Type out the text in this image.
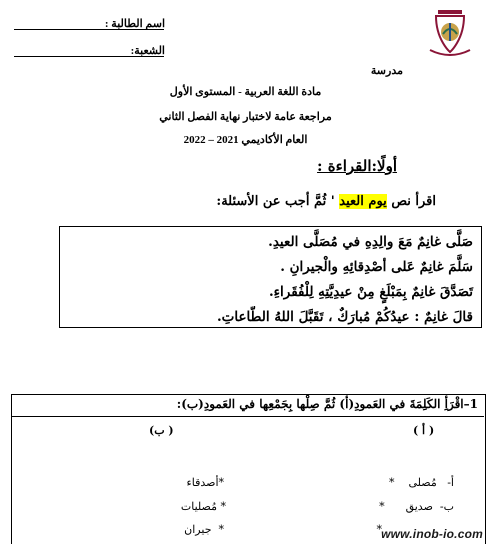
اسم الطالبة :
الشعبة:
مدرسة
مادة اللغة العربية - المستوى الأول
مراجعة عامة لاختبار نهاية الفصل الثاني
العام الأكاديمي 2021 – 2022
أولًا:القراءة :
اقرأ نص يوم العيد ' ثُمَّ أجب عن الأسئلة:
صَلَّى غانِمٌ مَعَ والِدِهِ في مُصَلَّى العيدِ.
سَلَّمَ غانِمٌ عَلى أصْدِقائِهِ والْجيرانِ .
تَصَدَّقَ غانِمٌ بِمَبْلَغٍ مِنْ عيدِيَّتِهِ لِلْفُقَراءِ.
قالَ غانِمٌ : عيدُكُمْ مُبارَكٌ ، تَقَبَّلَ اللهُ الطّاعاتِ.
1–اقْرَأِ الكَلِمَةَ في العَمودِ(أ) ثُمَّ صِلْها بِجَمْعِها في العَمودِ(ب):
(ب )	( أ )
أ-   مُصلى    *
ب-  صديق      *
*
*أصدقاء
* مُصليات
*  جيران	www.inob-io.com
